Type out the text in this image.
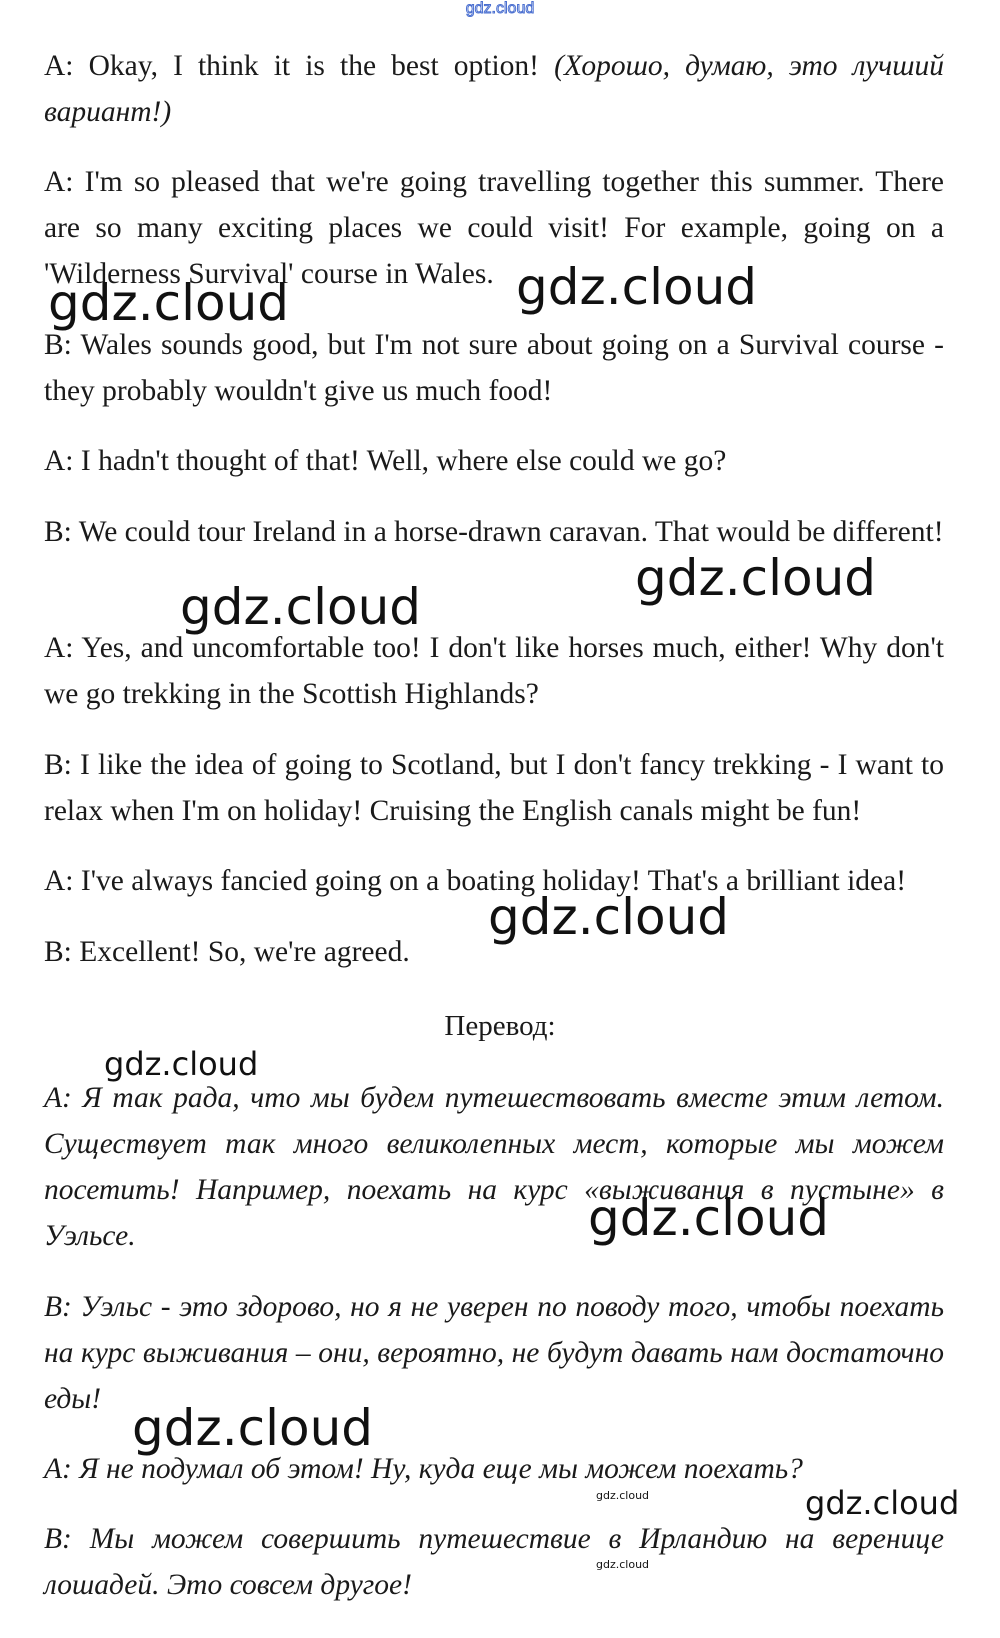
gdz.cloud

A: Okay, I think it is the best option! (Хорошо, думаю, это лучший вариант!)

A: I'm so pleased that we're going travelling together this summer. There are so many exciting places we could visit! For example, going on a 'Wilderness Survival' course in Wales.

B: Wales sounds good, but I'm not sure about going on a Survival course - they probably wouldn't give us much food!

A: I hadn't thought of that! Well, where else could we go?

B: We could tour Ireland in a horse-drawn caravan. That would be different!

A: Yes, and uncomfortable too! I don't like horses much, either! Why don't we go trekking in the Scottish Highlands?

B: I like the idea of going to Scotland, but I don't fancy trekking - I want to relax when I'm on holiday! Cruising the English canals might be fun!

A: I've always fancied going on a boating holiday! That's a brilliant idea!

B: Excellent! So, we're agreed.

Перевод:

А: Я так рада, что мы будем путешествовать вместе этим летом. Существует так много великолепных мест, которые мы можем посетить! Например, поехать на курс «выживания в пустыне» в Уэльсе.

В: Уэльс - это здорово, но я не уверен по поводу того, чтобы поехать на курс выживания – они, вероятно, не будут давать нам достаточно еды!

А: Я не подумал об этом! Ну, куда еще мы можем поехать?

В: Мы можем совершить путешествие в Ирландию на веренице лошадей. Это совсем другое!

gdz.cloud	gdz.cloud
gdz.cloud
gdz.cloud
gdz.cloud
gdz.cloud
gdz.cloud
gdz.cloud
gdz.cloud
gdz.cloud
gdz.cloud
